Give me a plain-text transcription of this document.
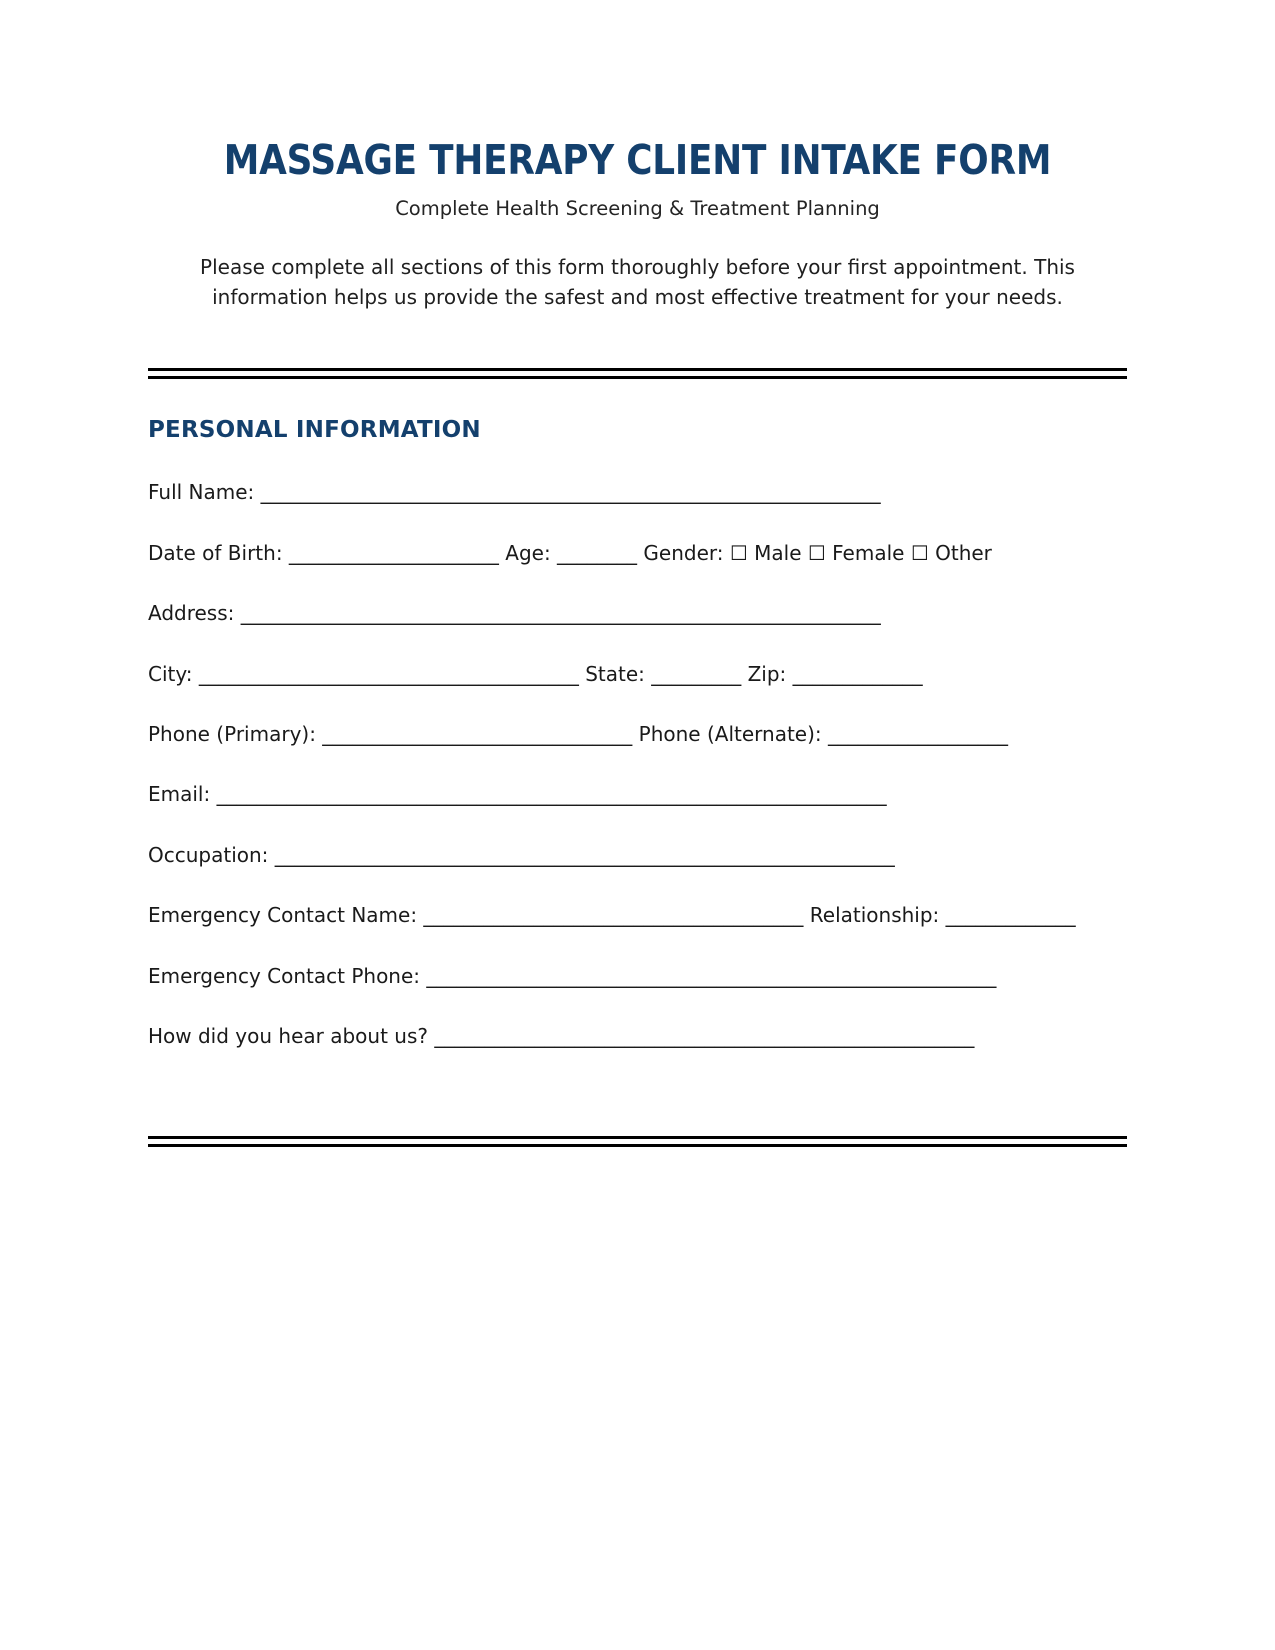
MASSAGE THERAPY CLIENT INTAKE FORM

Complete Health Screening & Treatment Planning

Please complete all sections of this form thoroughly before your first appointment. This information helps us provide the safest and most effective treatment for your needs.

PERSONAL INFORMATION

Full Name: ______________________________________________________________

Date of Birth: _____________________ Age: ________ Gender: ☐ Male ☐ Female ☐ Other

Address: ________________________________________________________________

City: ______________________________________ State: _________ Zip: _____________

Phone (Primary): _______________________________ Phone (Alternate): __________________

Email: ___________________________________________________________________

Occupation: ______________________________________________________________

Emergency Contact Name: ______________________________________ Relationship: _____________

Emergency Contact Phone: _________________________________________________________

How did you hear about us? ______________________________________________________
